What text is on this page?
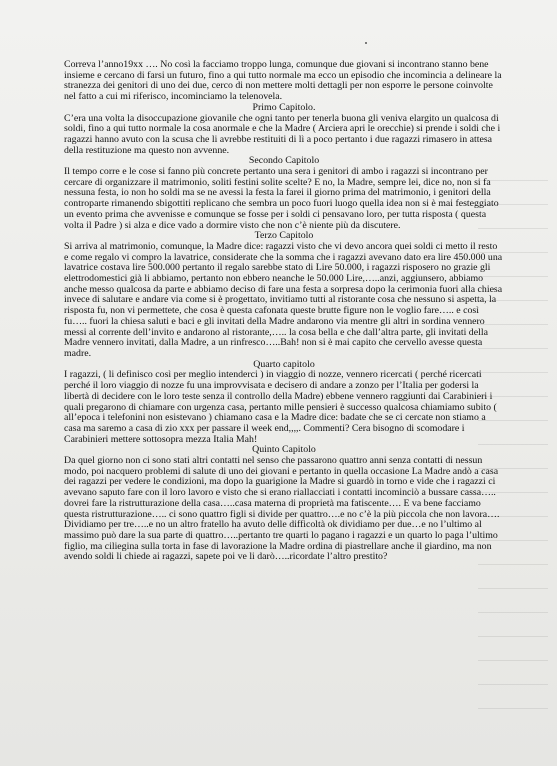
Correva l’anno19xx …. No così la facciamo troppo lunga, comunque due giovani si incontrano stanno bene insieme e cercano di farsi un futuro, fino a qui tutto normale ma ecco un episodio che incomincia a delineare la stranezza dei genitori di uno dei due, cerco di non mettere molti dettagli per non esporre le persone coinvolte nel fatto a cui mi riferisco, incominciamo la telenovela.

Primo Capitolo.

C’era una volta la disoccupazione giovanile che ogni tanto per tenerla buona gli veniva elargito un qualcosa di soldi, fino a qui tutto normale la cosa anormale e che la Madre ( Arciera apri le orecchie) si prende i soldi che i ragazzi hanno avuto con la scusa che li avrebbe restituiti di lì a poco pertanto i due ragazzi rimasero in attesa della restituzione ma questo non avvenne.

Secondo Capitolo

Il tempo corre e le cose si fanno più concrete pertanto una sera i genitori di ambo i ragazzi si incontrano per cercare di organizzare il matrimonio, soliti festini solite scelte? E no, la Madre, sempre lei, dice no, non si fa nessuna festa, io non ho soldi ma se ne avessi la festa la farei il giorno prima del matrimonio, i genitori della controparte rimanendo sbigottiti replicano che sembra un poco fuori luogo quella idea non si è mai festeggiato un evento prima che avvenisse e comunque se fosse per i soldi ci pensavano loro, per tutta risposta ( questa volta il Padre ) si alza e dice vado a dormire visto che non c’è niente più da discutere.

Terzo Capitolo

Si arriva al matrimonio, comunque, la Madre dice: ragazzi visto che vi devo ancora quei soldi ci metto il resto e come regalo vi compro la lavatrice, considerate che la somma che i ragazzi avevano dato era lire 450.000 una lavatrice costava lire 500.000 pertanto il regalo sarebbe stato di Lire 50.000, i ragazzi risposero no grazie gli elettrodomestici già li abbiamo, pertanto non ebbero neanche le 50.000 Lire,…..anzi, aggiunsero, abbiamo anche messo qualcosa da parte e abbiamo deciso di fare una festa a sorpresa dopo la cerimonia fuori alla chiesa invece di salutare e andare via come si è progettato, invitiamo tutti al ristorante cosa che nessuno si aspetta, la risposta fu, non vi permettete, che cosa è questa cafonata queste brutte figure non le voglio fare….. e così fu….. fuori la chiesa saluti e baci e gli invitati della Madre andarono via mentre gli altri in sordina vennero messi al corrente dell’invito e andarono al ristorante,….. la cosa bella e che dall’altra parte, gli invitati della Madre vennero invitati, dalla Madre, a un rinfresco…..Bah! non si è mai capito che cervello avesse questa madre.

Quarto capitolo

I ragazzi, ( li definisco così per meglio intenderci ) in viaggio di nozze, vennero ricercati ( perché ricercati perché il loro viaggio di nozze fu una improvvisata e decisero di andare a zonzo per l’Italia per godersi la libertà di decidere con le loro teste senza il controllo della Madre) ebbene vennero raggiunti dai Carabinieri i quali pregarono di chiamare con urgenza casa, pertanto mille pensieri è successo qualcosa chiamiamo subito ( all’epoca i telefonini non esistevano ) chiamano casa e la Madre dice: badate che se ci cercate non stiamo a casa ma saremo a casa di zio xxx per passare il week end,,,,. Commenti? Cera bisogno di scomodare i Carabinieri mettere sottosopra mezza Italia Mah!

Quinto Capitolo

Da quel giorno non ci sono stati altri contatti nel senso che passarono quattro anni senza contatti di nessun modo, poi nacquero problemi di salute di uno dei giovani e pertanto in quella occasione La Madre andò a casa dei ragazzi per vedere le condizioni, ma dopo la guarigione la Madre si guardò in torno e vide che i ragazzi ci avevano saputo fare con il loro lavoro e visto che si erano riallacciati i contatti incominciò a bussare cassa….. dovrei fare la ristrutturazione della casa…..casa materna di proprietà ma fatiscente…. E va bene facciamo questa ristrutturazione….. ci sono quattro figli si divide per quattro….e no c’è la più piccola che non lavora…. Dividiamo per tre…..e no un altro fratello ha avuto delle difficoltà ok dividiamo per due…e no l’ultimo al massimo può dare la sua parte di quattro…..pertanto tre quarti lo pagano i ragazzi e un quarto lo paga l’ultimo figlio, ma ciliegina sulla torta in fase di lavorazione la Madre ordina di piastrellare anche il giardino, ma non avendo soldi li chiede ai ragazzi, sapete poi ve li darò…..ricordate l’altro prestito?
